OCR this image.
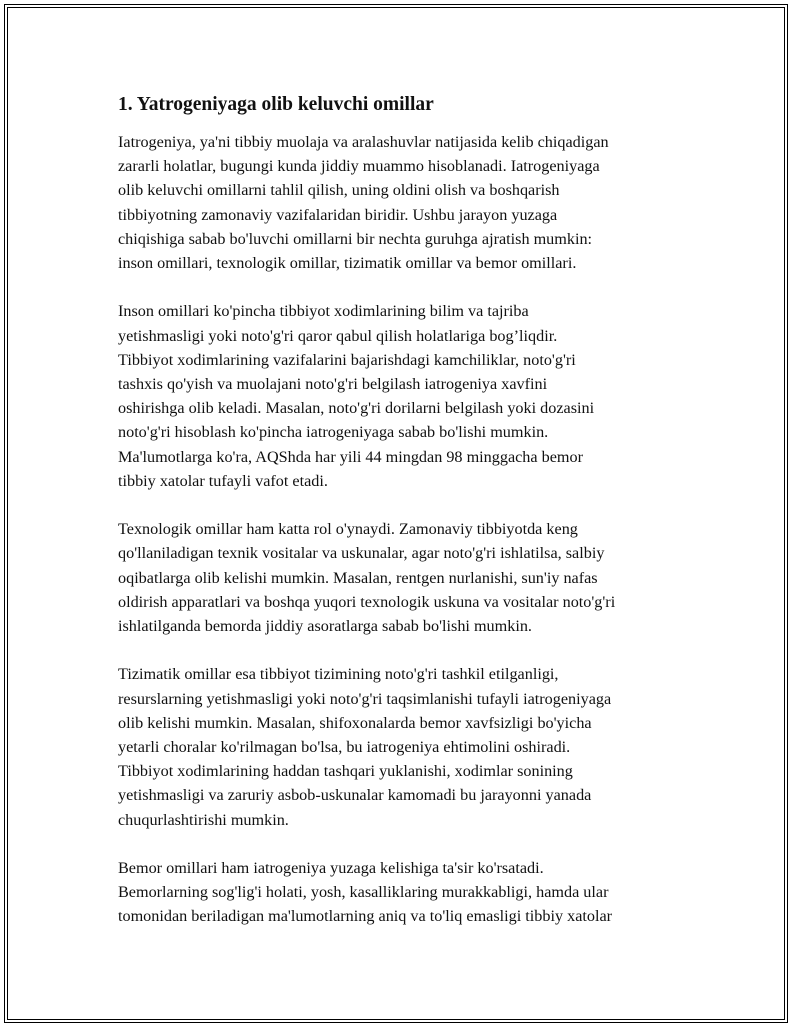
1. Yatrogeniyaga olib keluvchi omillar
Iatrogeniya, ya'ni tibbiy muolaja va aralashuvlar natijasida kelib chiqadigan
zararli holatlar, bugungi kunda jiddiy muammo hisoblanadi. Iatrogeniyaga
olib keluvchi omillarni tahlil qilish, uning oldini olish va boshqarish
tibbiyotning zamonaviy vazifalaridan biridir. Ushbu jarayon yuzaga
chiqishiga sabab bo'luvchi omillarni bir nechta guruhga ajratish mumkin:
inson omillari, texnologik omillar, tizimatik omillar va bemor omillari.
Inson omillari ko'pincha tibbiyot xodimlarining bilim va tajriba
yetishmasligi yoki noto'g'ri qaror qabul qilish holatlariga bog’liqdir.
Tibbiyot xodimlarining vazifalarini bajarishdagi kamchiliklar, noto'g'ri
tashxis qo'yish va muolajani noto'g'ri belgilash iatrogeniya xavfini
oshirishga olib keladi. Masalan, noto'g'ri dorilarni belgilash yoki dozasini
noto'g'ri hisoblash ko'pincha iatrogeniyaga sabab bo'lishi mumkin.
Ma'lumotlarga ko'ra, AQShda har yili 44 mingdan 98 minggacha bemor
tibbiy xatolar tufayli vafot etadi.
Texnologik omillar ham katta rol o'ynaydi. Zamonaviy tibbiyotda keng
qo'llaniladigan texnik vositalar va uskunalar, agar noto'g'ri ishlatilsa, salbiy
oqibatlarga olib kelishi mumkin. Masalan, rentgen nurlanishi, sun'iy nafas
oldirish apparatlari va boshqa yuqori texnologik uskuna va vositalar noto'g'ri
ishlatilganda bemorda jiddiy asoratlarga sabab bo'lishi mumkin.
Tizimatik omillar esa tibbiyot tizimining noto'g'ri tashkil etilganligi,
resurslarning yetishmasligi yoki noto'g'ri taqsimlanishi tufayli iatrogeniyaga
olib kelishi mumkin. Masalan, shifoxonalarda bemor xavfsizligi bo'yicha
yetarli choralar ko'rilmagan bo'lsa, bu iatrogeniya ehtimolini oshiradi.
Tibbiyot xodimlarining haddan tashqari yuklanishi, xodimlar sonining
yetishmasligi va zaruriy asbob-uskunalar kamomadi bu jarayonni yanada
chuqurlashtirishi mumkin.
Bemor omillari ham iatrogeniya yuzaga kelishiga ta'sir ko'rsatadi.
Bemorlarning sog'lig'i holati, yosh, kasalliklaring murakkabligi, hamda ular
tomonidan beriladigan ma'lumotlarning aniq va to'liq emasligi tibbiy xatolar
